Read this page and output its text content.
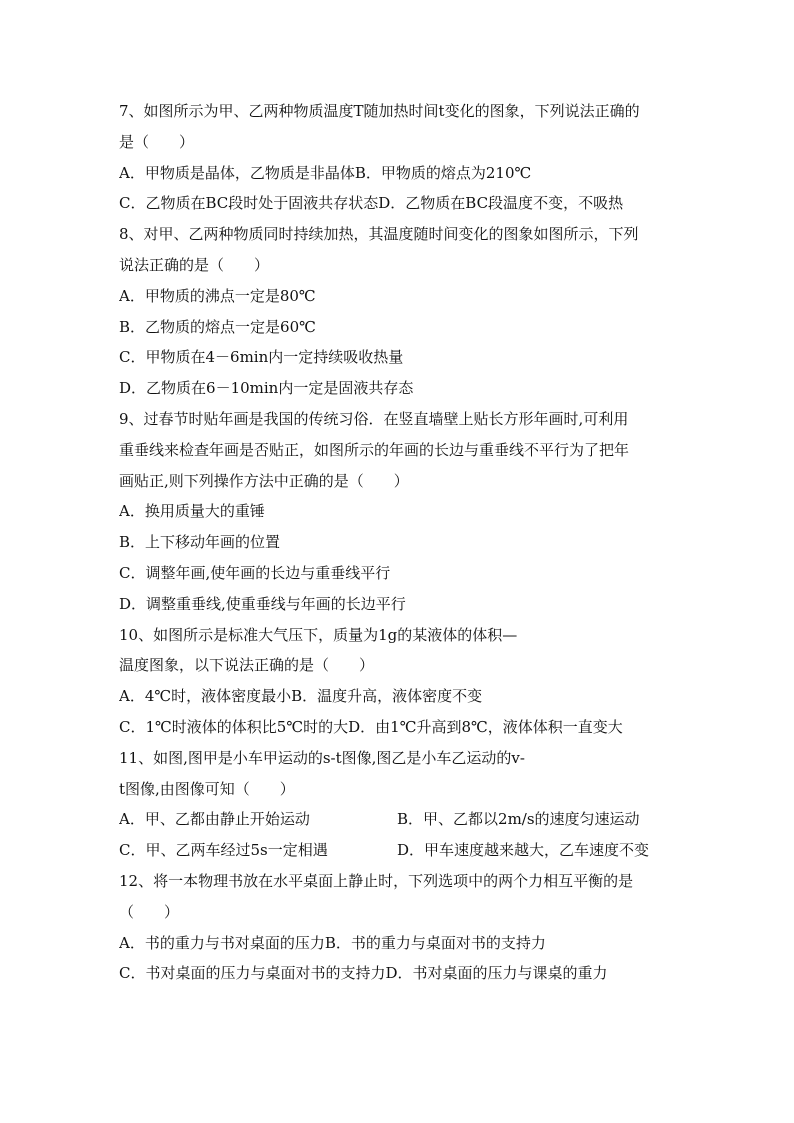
7、如图所示为甲、乙两种物质温度T随加热时间t变化的图象，下列说法正确的
是（　　）
A．甲物质是晶体，乙物质是非晶体B．甲物质的熔点为210℃
C．乙物质在BC段时处于固液共存状态D．乙物质在BC段温度不变，不吸热
8、对甲、乙两种物质同时持续加热，其温度随时间变化的图象如图所示，下列
说法正确的是（　　）
A．甲物质的沸点一定是80℃
B．乙物质的熔点一定是60℃
C．甲物质在4－6min内一定持续吸收热量
D．乙物质在6－10min内一定是固液共存态
9、过春节时贴年画是我国的传统习俗．在竖直墙壁上贴长方形年画时,可利用
重垂线来检查年画是否贴正，如图所示的年画的长边与重垂线不平行为了把年
画贴正,则下列操作方法中正确的是（　　）
A．换用质量大的重锤
B．上下移动年画的位置
C．调整年画,使年画的长边与重垂线平行
D．调整重垂线,使重垂线与年画的长边平行
10、如图所示是标准大气压下，质量为1g的某液体的体积—
温度图象，以下说法正确的是（　　）
A．4℃时，液体密度最小B．温度升高，液体密度不变
C．1℃时液体的体积比5℃时的大D．由1℃升高到8℃，液体体积一直变大
11、如图,图甲是小车甲运动的s-t图像,图乙是小车乙运动的v-
t图像,由图像可知（　　）
A．甲、乙都由静止开始运动	B．甲、乙都以2m/s的速度匀速运动
C．甲、乙两车经过5s一定相遇	D．甲车速度越来越大，乙车速度不变
12、将一本物理书放在水平桌面上静止时，下列选项中的两个力相互平衡的是
（　　）
A．书的重力与书对桌面的压力B．书的重力与桌面对书的支持力
C．书对桌面的压力与桌面对书的支持力D．书对桌面的压力与课桌的重力
